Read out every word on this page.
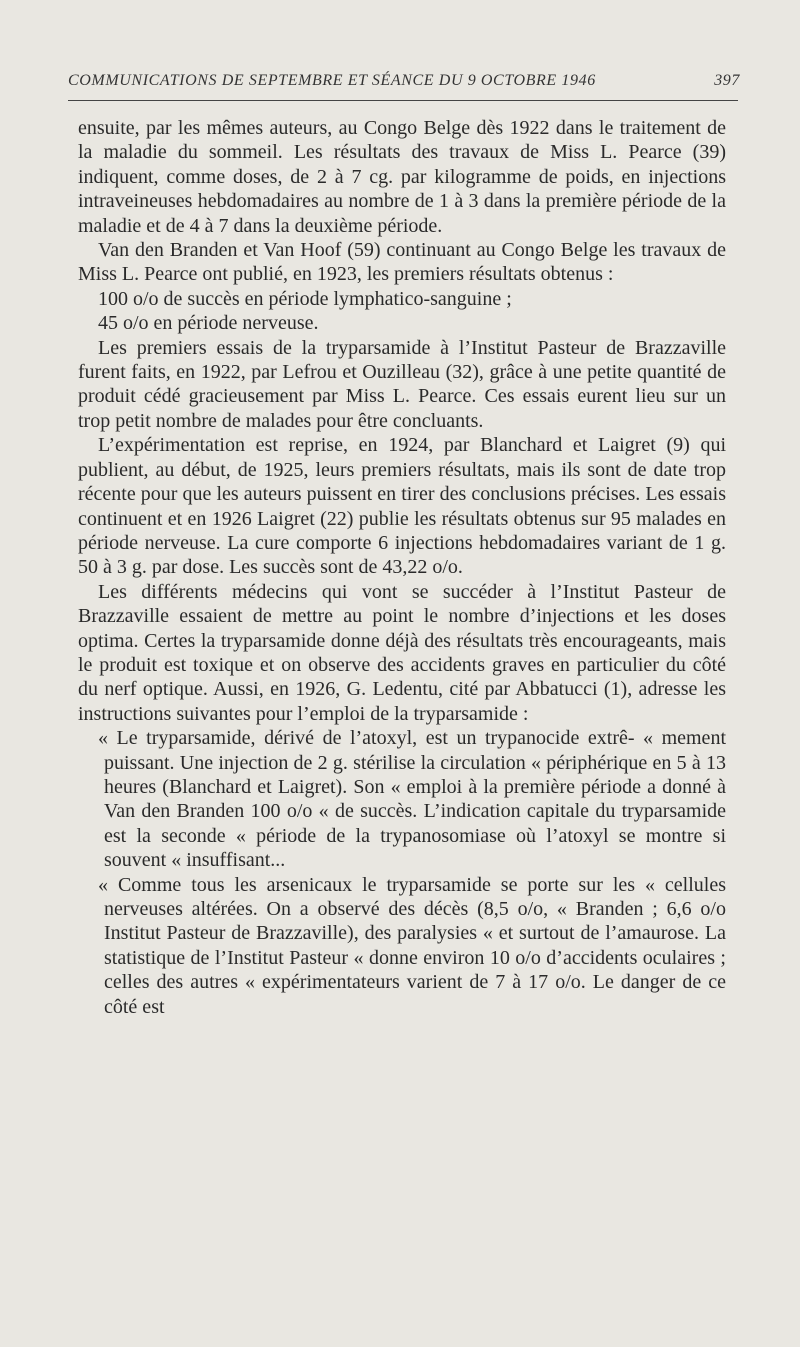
COMMUNICATIONS DE SEPTEMBRE ET SÉANCE DU 9 OCTOBRE 1946	397

ensuite, par les mêmes auteurs, au Congo Belge dès 1922 dans le traitement de la maladie du sommeil. Les résultats des travaux de Miss L. Pearce (39) indiquent, comme doses, de 2 à 7 cg. par kilogramme de poids, en injections intraveineuses hebdomadaires au nombre de 1 à 3 dans la première période de la maladie et de 4 à 7 dans la deuxième période.

Van den Branden et Van Hoof (59) continuant au Congo Belge les travaux de Miss L. Pearce ont publié, en 1923, les premiers résultats obtenus :

100 o/o de succès en période lymphatico-sanguine ;

45 o/o en période nerveuse.

Les premiers essais de la tryparsamide à l’Institut Pasteur de Brazzaville furent faits, en 1922, par Lefrou et Ouzilleau (32), grâce à une petite quantité de produit cédé gracieusement par Miss L. Pearce. Ces essais eurent lieu sur un trop petit nombre de malades pour être concluants.

L’expérimentation est reprise, en 1924, par Blanchard et Laigret (9) qui publient, au début, de 1925, leurs premiers résultats, mais ils sont de date trop récente pour que les auteurs puissent en tirer des conclusions précises. Les essais continuent et en 1926 Laigret (22) publie les résultats obtenus sur 95 malades en période nerveuse. La cure comporte 6 injections hebdomadaires variant de 1 g. 50 à 3 g. par dose. Les succès sont de 43,22 o/o.

Les différents médecins qui vont se succéder à l’Institut Pasteur de Brazzaville essaient de mettre au point le nombre d’injections et les doses optima. Certes la tryparsamide donne déjà des résultats très encourageants, mais le produit est toxique et on observe des accidents graves en particulier du côté du nerf optique. Aussi, en 1926, G. Ledentu, cité par Abbatucci (1), adresse les instructions suivantes pour l’emploi de la tryparsamide :

« Le tryparsamide, dérivé de l’atoxyl, est un trypanocide extrê- « mement puissant. Une injection de 2 g. stérilise la circulation « périphérique en 5 à 13 heures (Blanchard et Laigret). Son « emploi à la première période a donné à Van den Branden 100 o/o « de succès. L’indication capitale du tryparsamide est la seconde « période de la trypanosomiase où l’atoxyl se montre si souvent « insuffisant...

« Comme tous les arsenicaux le tryparsamide se porte sur les « cellules nerveuses altérées. On a observé des décès (8,5 o/o, « Branden ; 6,6 o/o Institut Pasteur de Brazzaville), des paralysies « et surtout de l’amaurose. La statistique de l’Institut Pasteur « donne environ 10 o/o d’accidents oculaires ; celles des autres « expérimentateurs varient de 7 à 17 o/o. Le danger de ce côté est
